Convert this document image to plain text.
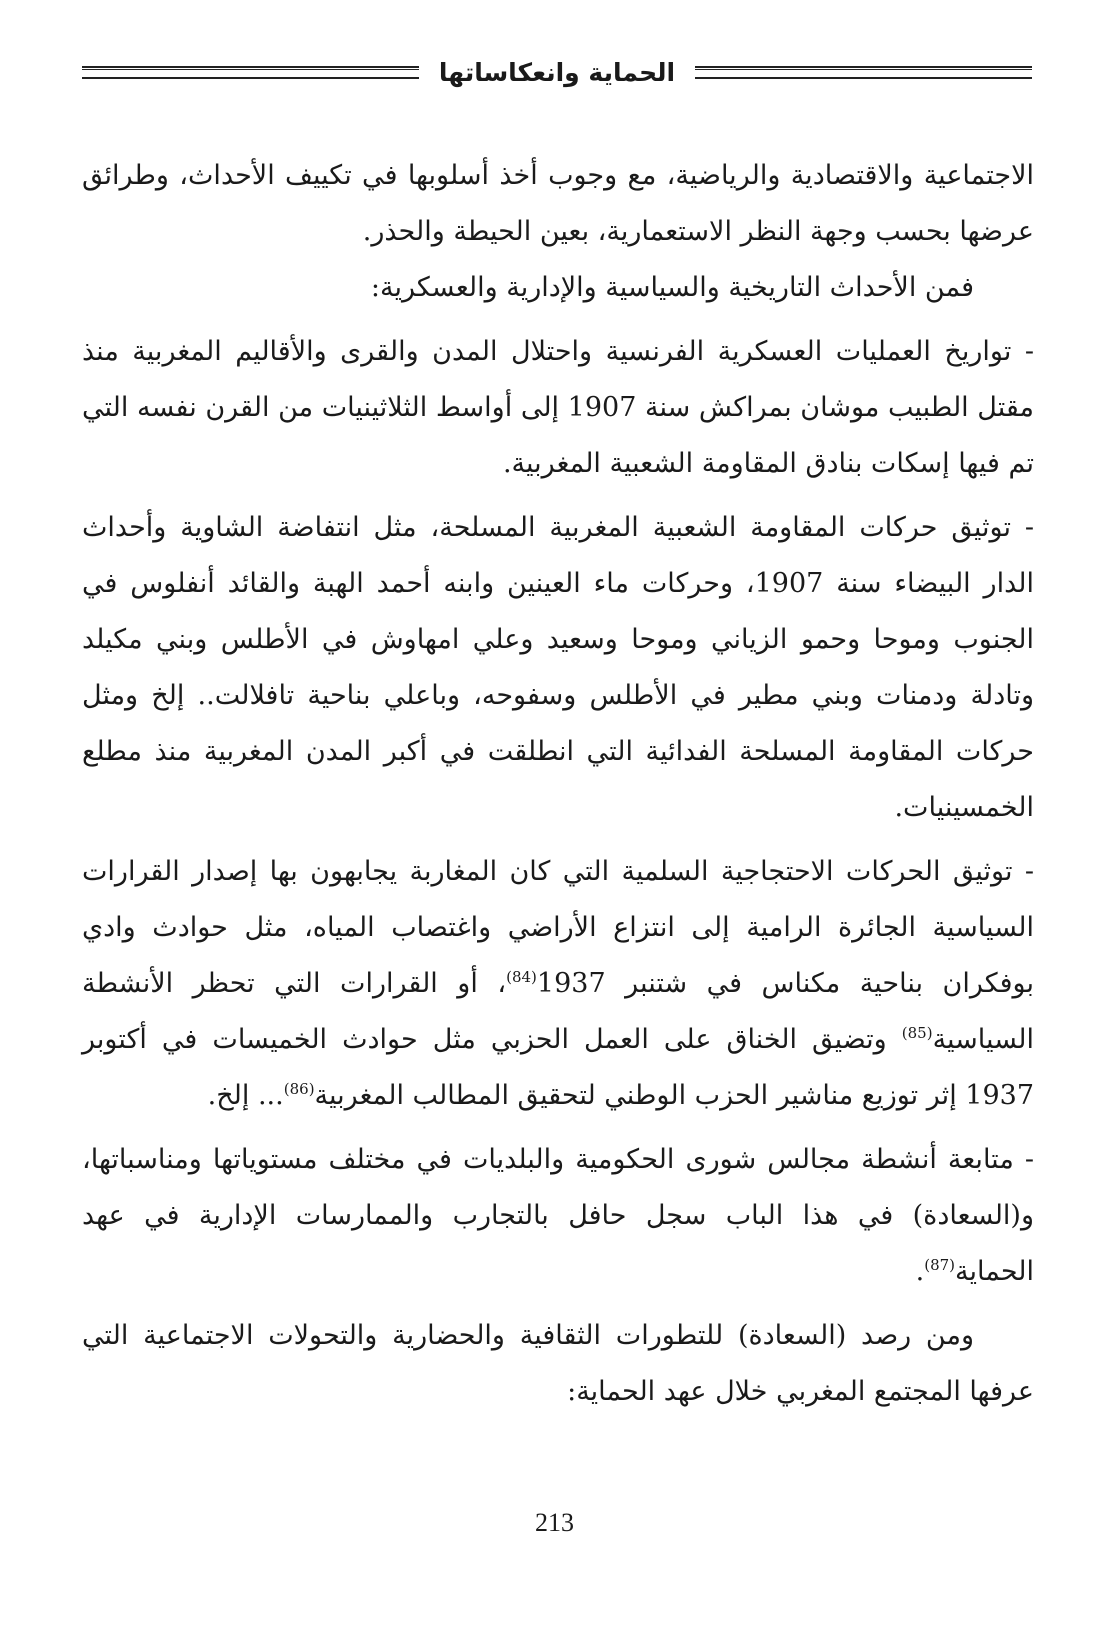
الحماية وانعكاساتها

الاجتماعية والاقتصادية والرياضية، مع وجوب أخذ أسلوبها في تكييف الأحداث، وطرائق عرضها بحسب وجهة النظر الاستعمارية، بعين الحيطة والحذر.

فمن الأحداث التاريخية والسياسية والإدارية والعسكرية:

- تواريخ العمليات العسكرية الفرنسية واحتلال المدن والقرى والأقاليم المغربية منذ مقتل الطبيب موشان بمراكش سنة 1907 إلى أواسط الثلاثينيات من القرن نفسه التي تم فيها إسكات بنادق المقاومة الشعبية المغربية.

- توثيق حركات المقاومة الشعبية المغربية المسلحة، مثل انتفاضة الشاوية وأحداث الدار البيضاء سنة 1907، وحركات ماء العينين وابنه أحمد الهبة والقائد أنفلوس في الجنوب وموحا وحمو الزياني وموحا وسعيد وعلي امهاوش في الأطلس وبني مكيلد وتادلة ودمنات وبني مطير في الأطلس وسفوحه، وباعلي بناحية تافلالت.. إلخ ومثل حركات المقاومة المسلحة الفدائية التي انطلقت في أكبر المدن المغربية منذ مطلع الخمسينيات.

- توثيق الحركات الاحتجاجية السلمية التي كان المغاربة يجابهون بها إصدار القرارات السياسية الجائرة الرامية إلى انتزاع الأراضي واغتصاب المياه، مثل حوادث وادي بوفكران بناحية مكناس في شتنبر 1937$^{(84)}$، أو القرارات التي تحظر الأنشطة السياسية$^{(85)}$ وتضيق الخناق على العمل الحزبي مثل حوادث الخميسات في أكتوبر 1937 إثر توزيع مناشير الحزب الوطني لتحقيق المطالب المغربية$^{(86)}$... إلخ.

- متابعة أنشطة مجالس شورى الحكومية والبلديات في مختلف مستوياتها ومناسباتها، و(السعادة) في هذا الباب سجل حافل بالتجارب والممارسات الإدارية في عهد الحماية$^{(87)}$.

ومن رصد (السعادة) للتطورات الثقافية والحضارية والتحولات الاجتماعية التي عرفها المجتمع المغربي خلال عهد الحماية:

213
